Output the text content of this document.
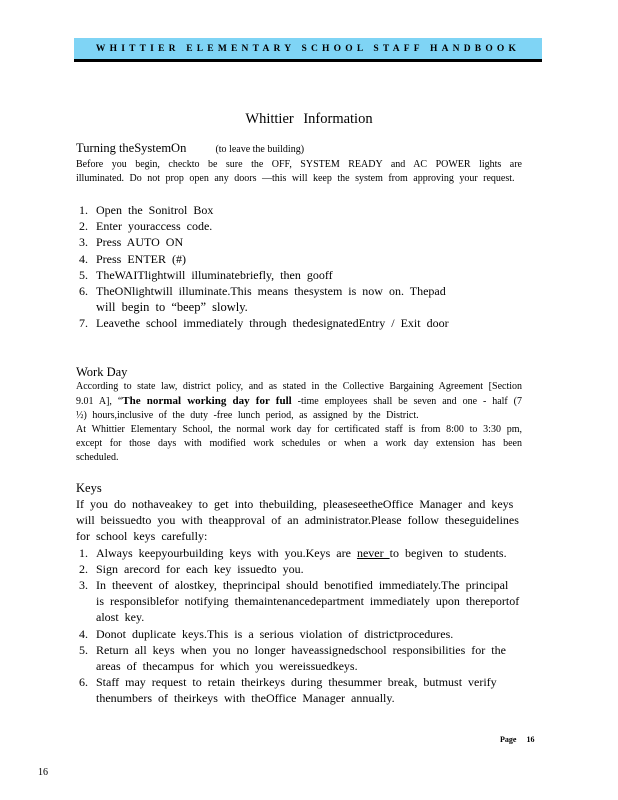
WHITTIER ELEMENTARY SCHOOL STAFF HANDBOOK
Whittier Information
Turning theSystemOn	(to leave the building)
Before you begin, checkto be sure the OFF, SYSTEM READY and AC POWER lights are illuminated. Do not prop open any doors —this will keep the system from approving your request.
1. Open the Sonitrol Box
2. Enter youraccess code.
3. Press AUTO ON
4. Press ENTER (#)
5. TheWAITlightwill illuminatebriefly, then gooff
6. TheONlightwill illuminate.This means thesystem is now on. Thepad
will begin to “beep” slowly.
7. Leavethe school immediately through thedesignatedEntry / Exit door
Work Day
According to state law, district policy, and as stated in the Collective Bargaining Agreement [Section 9.01 A], “The normal working day for full -time employees shall be seven and one - half (7 ½) hours,inclusive of the duty -free lunch period, as assigned by the District.
At Whittier Elementary School, the normal work day for certificated staff is from 8:00 to 3:30 pm, except for those days with modified work schedules or when a work day extension has been scheduled.
Keys
If you do nothaveakey to get into thebuilding, pleaseseetheOffice Manager and keys will beissuedto you with theapproval of an administrator.Please follow theseguidelines for school keys carefully:
1. Always keepyourbuilding keys with you.Keys are never to begiven to students.
2. Sign arecord for each key issuedto you.
3. In theevent of alostkey, theprincipal should benotified immediately.The principal is responsiblefor notifying themaintenancedepartment immediately upon thereportof alost key.
4. Donot duplicate keys.This is a serious violation of districtprocedures.
5. Return all keys when you no longer haveassignedschool responsibilities for the areas of thecampus for which you wereissuedkeys.
6. Staff may request to retain theirkeys during thesummer break, butmust verify thenumbers of theirkeys with theOffice Manager annually.
Page 16
16
